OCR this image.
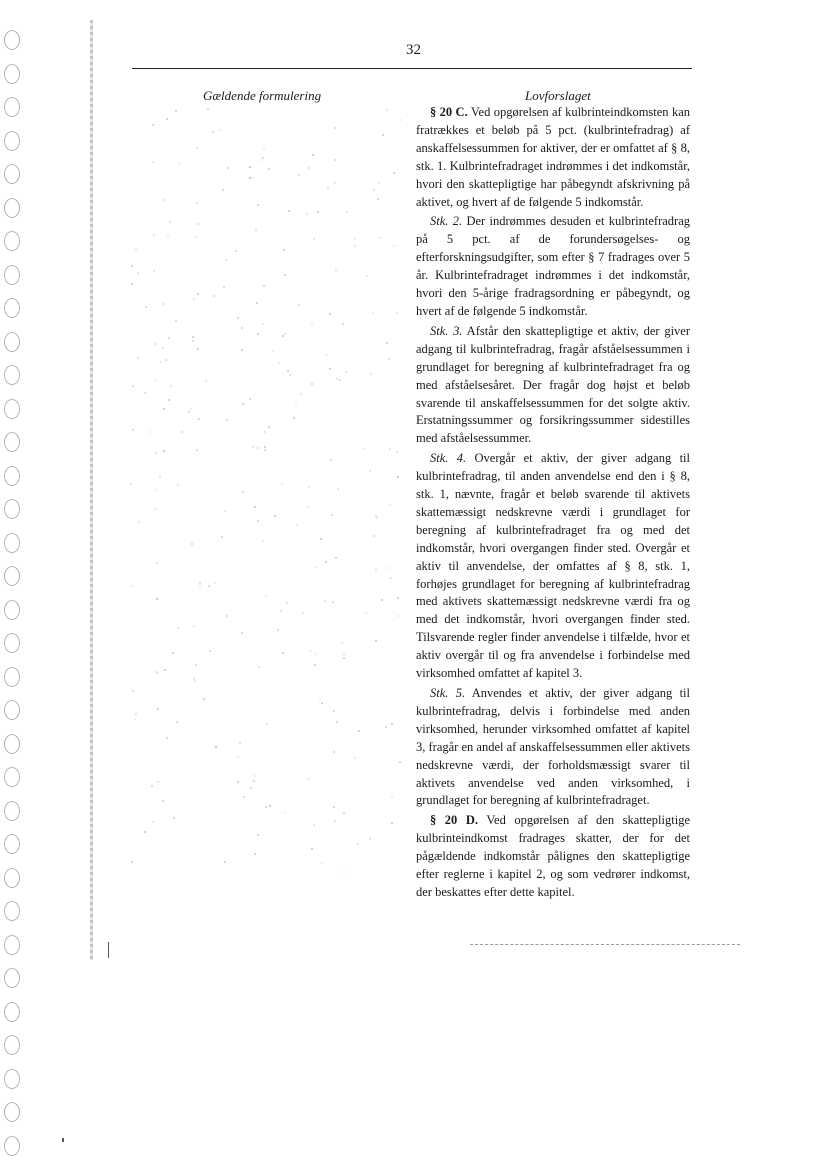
32
Gældende formulering	Lovforslaget

§ 20 C. Ved opgørelsen af kulbrinteindkomsten kan fratrækkes et beløb på 5 pct. (kulbrintefradrag) af anskaffelsessummen for aktiver, der er omfattet af § 8, stk. 1. Kulbrintefradraget indrømmes i det indkomstår, hvori den skattepligtige har påbegyndt afskrivning på aktivet, og hvert af de følgende 5 indkomstår.

Stk. 2. Der indrømmes desuden et kulbrintefradrag på 5 pct. af de forundersøgelses- og efterforskningsudgifter, som efter § 7 fradrages over 5 år. Kulbrintefradraget indrømmes i det indkomstår, hvori den 5-årige fradragsordning er påbegyndt, og hvert af de følgende 5 indkomstår.

Stk. 3. Afstår den skattepligtige et aktiv, der giver adgang til kulbrintefradrag, fragår afståelsessummen i grundlaget for beregning af kulbrintefradraget fra og med afståelsesåret. Der fragår dog højst et beløb svarende til anskaffelsessummen for det solgte aktiv. Erstatningssummer og forsikringssummer sidestilles med afståelsessummer.

Stk. 4. Overgår et aktiv, der giver adgang til kulbrintefradrag, til anden anvendelse end den i § 8, stk. 1, nævnte, fragår et beløb svarende til aktivets skattemæssigt nedskrevne værdi i grundlaget for beregning af kulbrintefradraget fra og med det indkomstår, hvori overgangen finder sted. Overgår et aktiv til anvendelse, der omfattes af § 8, stk. 1, forhøjes grundlaget for beregning af kulbrintefradrag med aktivets skattemæssigt nedskrevne værdi fra og med det indkomstår, hvori overgangen finder sted. Tilsvarende regler finder anvendelse i tilfælde, hvor et aktiv overgår til og fra anvendelse i forbindelse med virksomhed omfattet af kapitel 3.

Stk. 5. Anvendes et aktiv, der giver adgang til kulbrintefradrag, delvis i forbindelse med anden virksomhed, herunder virksomhed omfattet af kapitel 3, fragår en andel af anskaffelsessummen eller aktivets nedskrevne værdi, der forholdsmæssigt svarer til aktivets anvendelse ved anden virksomhed, i grundlaget for beregning af kulbrintefradraget.

§ 20 D. Ved opgørelsen af den skattepligtige kulbrinteindkomst fradrages skatter, der for det pågældende indkomstår pålignes den skattepligtige efter reglerne i kapitel 2, og som vedrører indkomst, der beskattes efter dette kapitel.
